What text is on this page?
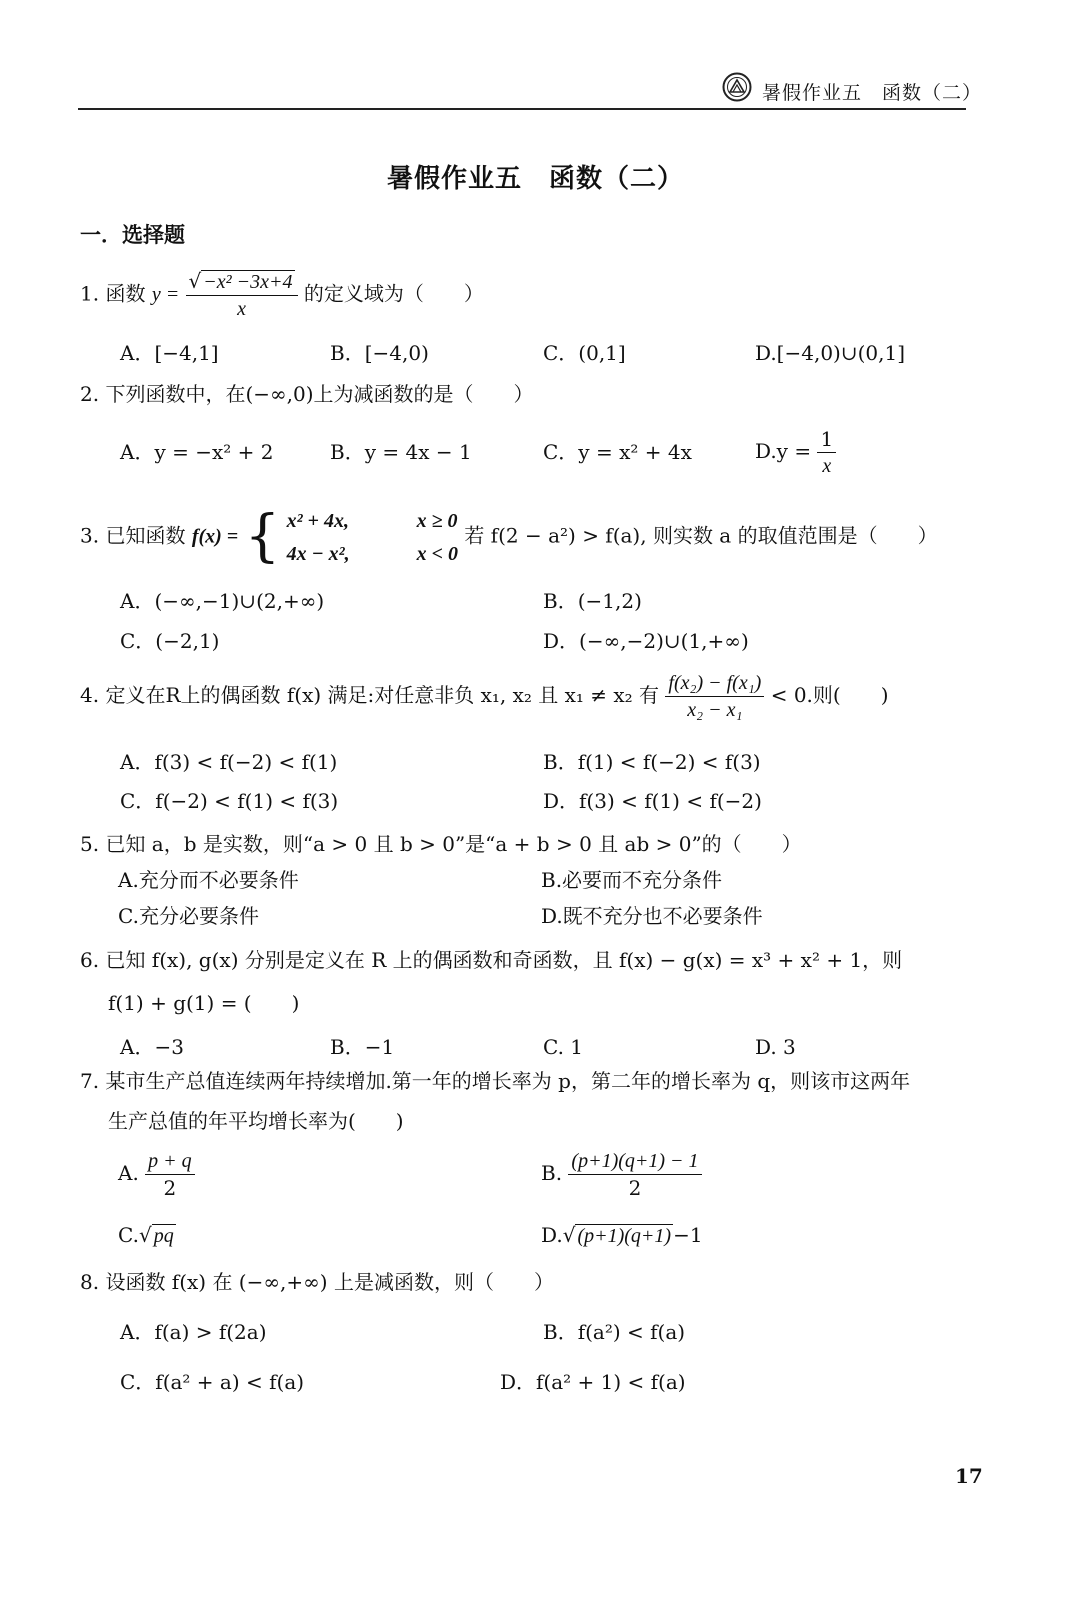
暑假作业五　函数（二）
暑假作业五　函数（二）
一．选择题
1. 函数 $y = \frac{\text{√ −x² −3x+4}}{x}$ 的定义域为（　　）
A．[−4,1]	B．[−4,0)	C．(0,1]	D.[−4,0)∪(0,1]
2. 下列函数中，在(−∞,0)上为减函数的是（　　）
A．y = −x² + 2	B．y = 4x − 1	C．y = x² + 4x	$D.y = \frac{1}{x}$
3. 已知函数 f(x) = { x² + 4x,	x ≥ 0
4x − x²,	x < 0
若 f(2 − a²) > f(a), 则实数 a 的取值范围是（　　）
A．(−∞,−1)∪(2,+∞)	B．(−1,2)
C．(−2,1)	D．(−∞,−2)∪(1,+∞)
4. 定义在R上的偶函数 f(x) 满足:对任意非负 x₁, x₂ 且 x₁ ≠ x₂ 有 $\frac{\text{f(x₂) − f(x₁)}}{\text{x₂ − x₁}} < 0$.则(　　)
A．f(3) < f(−2) < f(1)	B．f(1) < f(−2) < f(3)
C．f(−2) < f(1) < f(3)	D．f(3) < f(1) < f(−2)
5. 已知 a，b 是实数，则“a > 0 且 b > 0”是“a + b > 0 且 ab > 0”的（　　）
A.充分而不必要条件	B.必要而不充分条件
C.充分必要条件	D.既不充分也不必要条件
6. 已知 f(x), g(x) 分别是定义在 R 上的偶函数和奇函数，且 f(x) − g(x) = x³ + x² + 1，则
f(1) + g(1) = (　　)
A．−3	B．−1	C. 1	D. 3
7. 某市生产总值连续两年持续增加.第一年的增长率为 p，第二年的增长率为 q，则该市这两年
生产总值的年平均增长率为(　　)
A. $\frac{p + q}{2}$	B. $\frac{(p+1)(q+1) - 1}{2}$
C.√ pq	D.√ (p+1)(q+1) −1
8. 设函数 f(x) 在 (−∞,+∞) 上是减函数，则（　　）
A．f(a) > f(2a)	B．f(a²) < f(a)
C．f(a² + a) < f(a)	D．f(a² + 1) < f(a)
17
